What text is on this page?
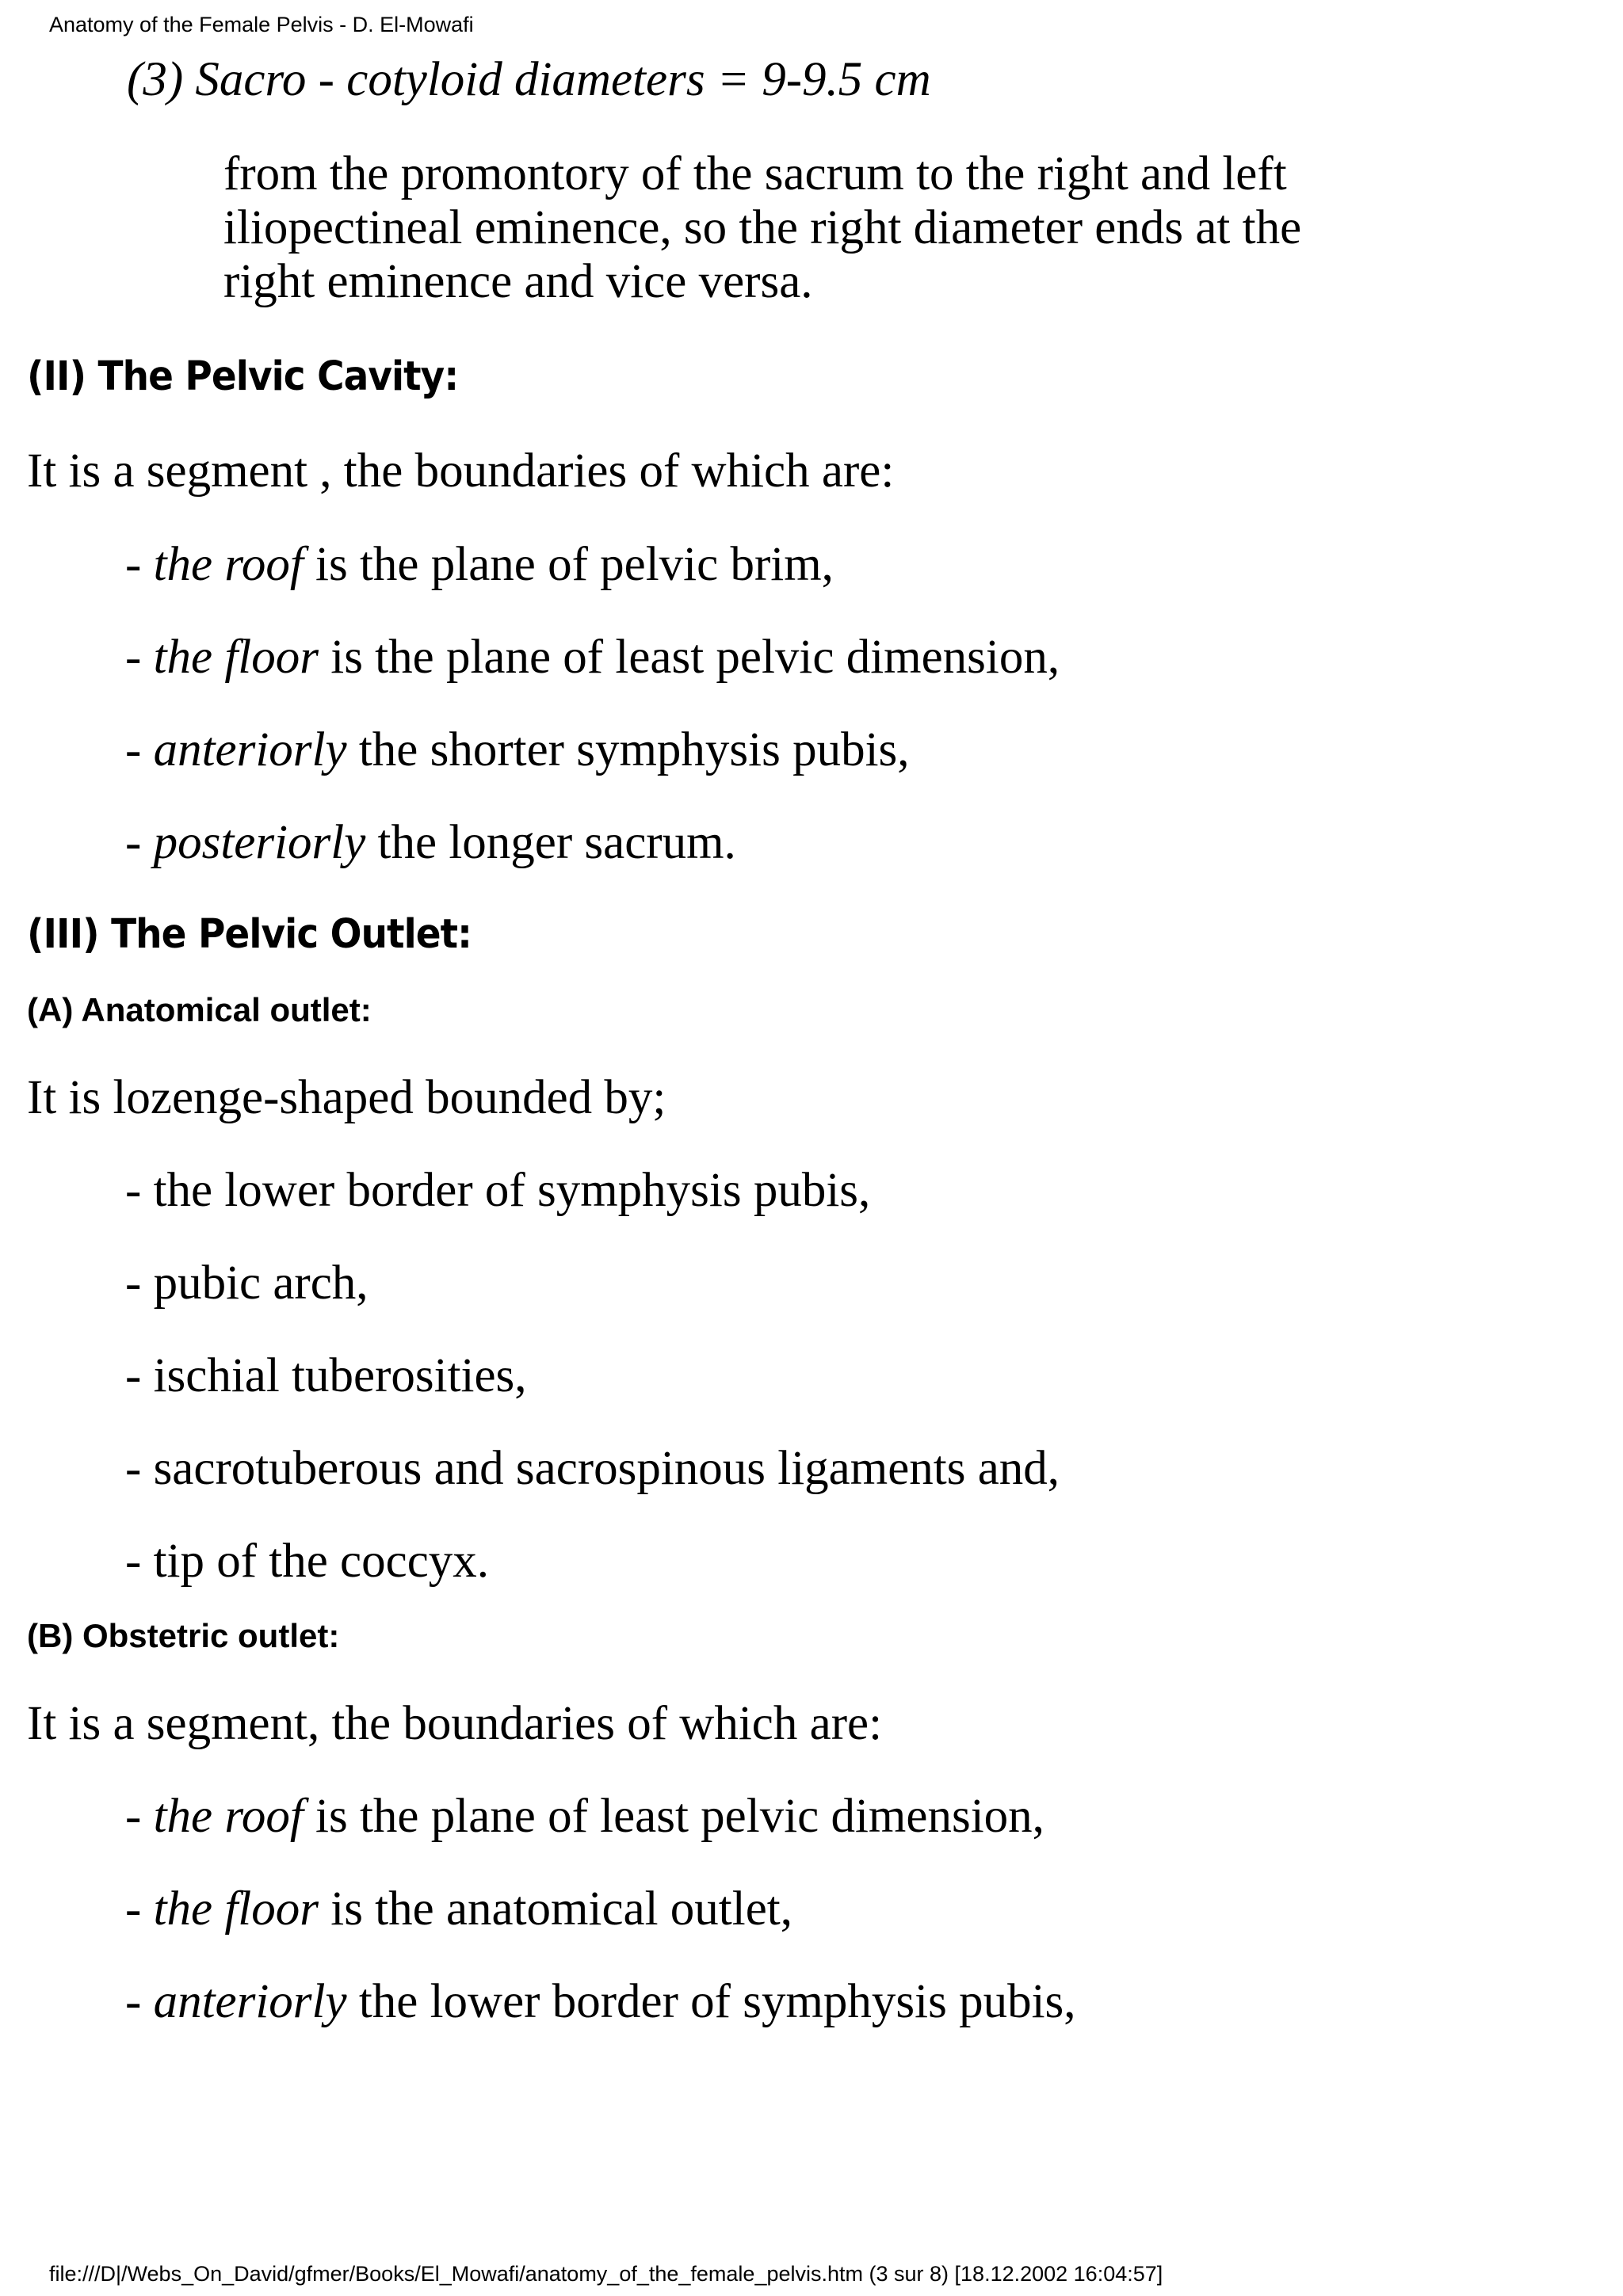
Anatomy of the Female Pelvis - D. El-Mowafi
(3) Sacro - cotyloid diameters = 9-9.5 cm
from the promontory of the sacrum to the right and left
iliopectineal eminence, so the right diameter ends at the
right eminence and vice versa.
(II) The Pelvic Cavity:
It is a segment , the boundaries of which are:
- the roof is the plane of pelvic brim,
- the floor is the plane of least pelvic dimension,
- anteriorly the shorter symphysis pubis,
- posteriorly the longer sacrum.
(III) The Pelvic Outlet:
(A) Anatomical outlet:
It is lozenge-shaped bounded by;
- the lower border of symphysis pubis,
- pubic arch,
- ischial tuberosities,
- sacrotuberous and sacrospinous ligaments and,
- tip of the coccyx.
(B) Obstetric outlet:
It is a segment, the boundaries of which are:
- the roof is the plane of least pelvic dimension,
- the floor is the anatomical outlet,
- anteriorly the lower border of symphysis pubis,
file:///D|/Webs_On_David/gfmer/Books/El_Mowafi/anatomy_of_the_female_pelvis.htm (3 sur 8) [18.12.2002 16:04:57]
